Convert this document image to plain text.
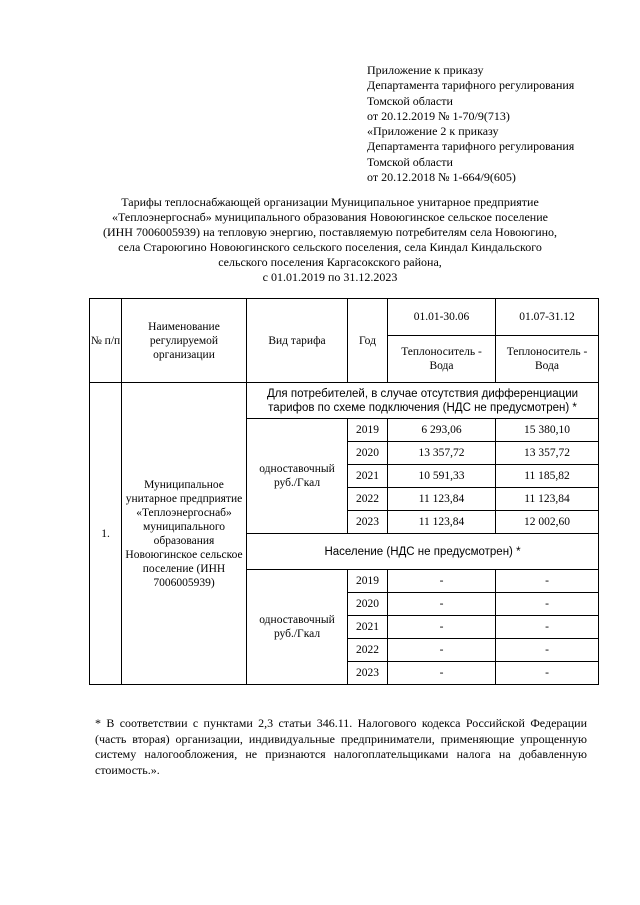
Приложение к приказу
Департамента тарифного регулирования
Томской области
от 20.12.2019 № 1-70/9(713)
«Приложение 2 к приказу
Департамента тарифного регулирования
Томской области
от 20.12.2018 № 1-664/9(605)
Тарифы теплоснабжающей организации Муниципальное унитарное предприятие
«Теплоэнергоснаб» муниципального образования Новоюгинское сельское поселение
(ИНН 7006005939) на тепловую энергию, поставляемую потребителям села Новоюгино,
села Староюгино Новоюгинского сельского поселения, села Киндал Киндальского
сельского поселения Каргасокского района,
с 01.01.2019 по 31.12.2023
№ п/п	Наименование регулируемой организации	Вид тарифа	Год	01.01-30.06	01.07-31.12
				Теплоноситель - Вода	Теплоноситель - Вода
1.	Муниципальное унитарное предприятие «Теплоэнергоснаб» муниципального образования Новоюгинское сельское поселение (ИНН 7006005939)	Для потребителей, в случае отсутствия дифференциации тарифов по схеме подключения (НДС не предусмотрен) *			
		одноставочный руб./Гкал	2019	6 293,06	15 380,10
			2020	13 357,72	13 357,72
			2021	10 591,33	11 185,82
			2022	11 123,84	11 123,84
			2023	11 123,84	12 002,60
		Население (НДС не предусмотрен) *			
		одноставочный руб./Гкал	2019	-	-
			2020	-	-
			2021	-	-
			2022	-	-
			2023	-	-
* В соответствии с пунктами 2,3 статьи 346.11. Налогового кодекса Российской Федерации (часть вторая) организации, индивидуальные предприниматели, применяющие упрощенную систему налогообложения, не признаются налогоплательщиками налога на добавленную стоимость.».
